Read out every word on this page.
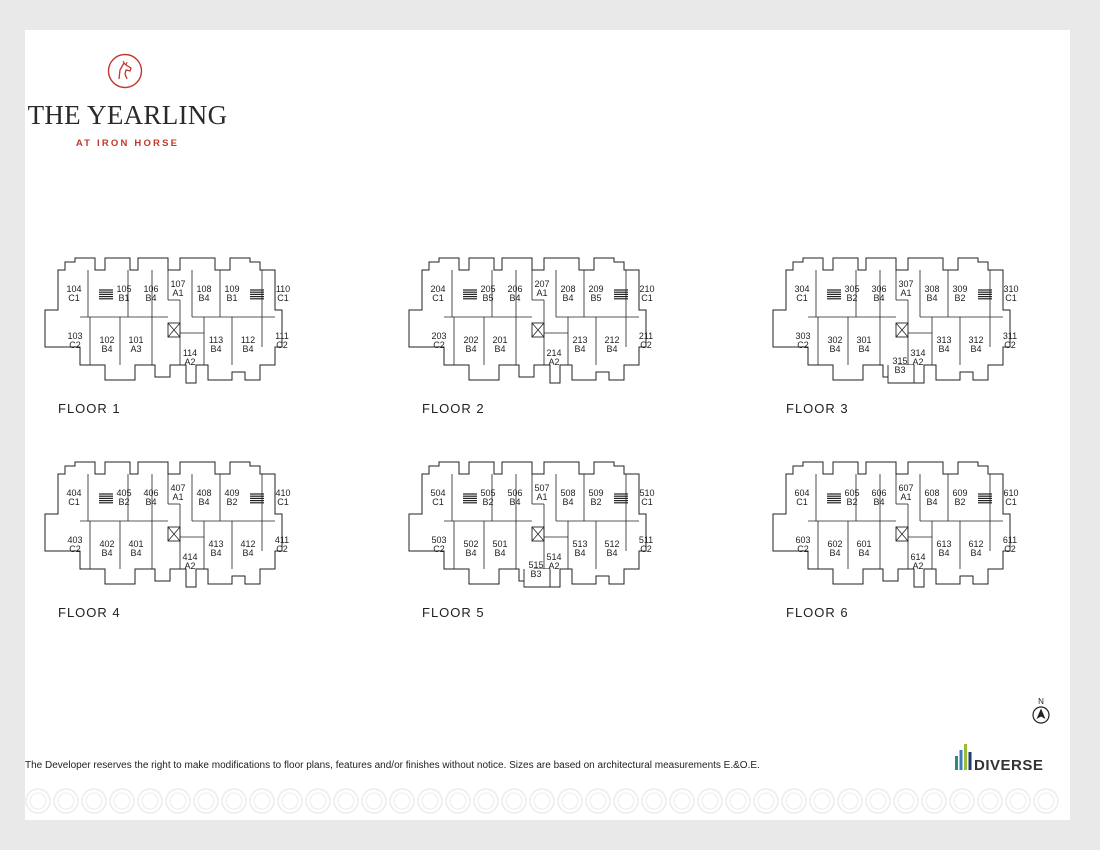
THE YEARLING
AT IRON HORSE
104
C1
105
B1
106
B4
107
A1 108
B4
109
B1
110
C1
103
C2 102
B4
101
A3	114
A2
113
B4
112
B4
111
C2
204
C1
205
B5
206
B4
207
A1 208
B4
209
B5
210
C1
203
C2 202
B4
201
B4	214
A2
213
B4
212
B4
211
C2
304
C1
305
B2
306
B4
307
A1 308
B4
309
B2
310
C1
303
C2 302
B4
301
B4
315
B3
314
A2
313
B4
312
B4
311
C2
404
C1
405
B2
406
B4
407
A1 408
B4
409
B2
410
C1
403
C2 402
B4
401
B4	414
A2
413
B4
412
B4
411
C2
504
C1
505
B2
506
B4
507
A1 508
B4
509
B2
510
C1
503
C2 502
B4
501
B4
515
B3
514
A2
513
B4
512
B4
511
C2
604
C1
605
B2
606
B4
607
A1 608
B4
609
B2
610
C1
603
C2 602
B4
601
B4	614
A2
613
B4
612
B4
611
C2
FLOOR 1	FLOOR 2	FLOOR 3
FLOOR 4	FLOOR 5	FLOOR 6
N
The Developer reserves the right to make modifications to floor plans, features and/or finishes without notice. Sizes are based on architectural measurements E.&O.E.	DIVERSE
